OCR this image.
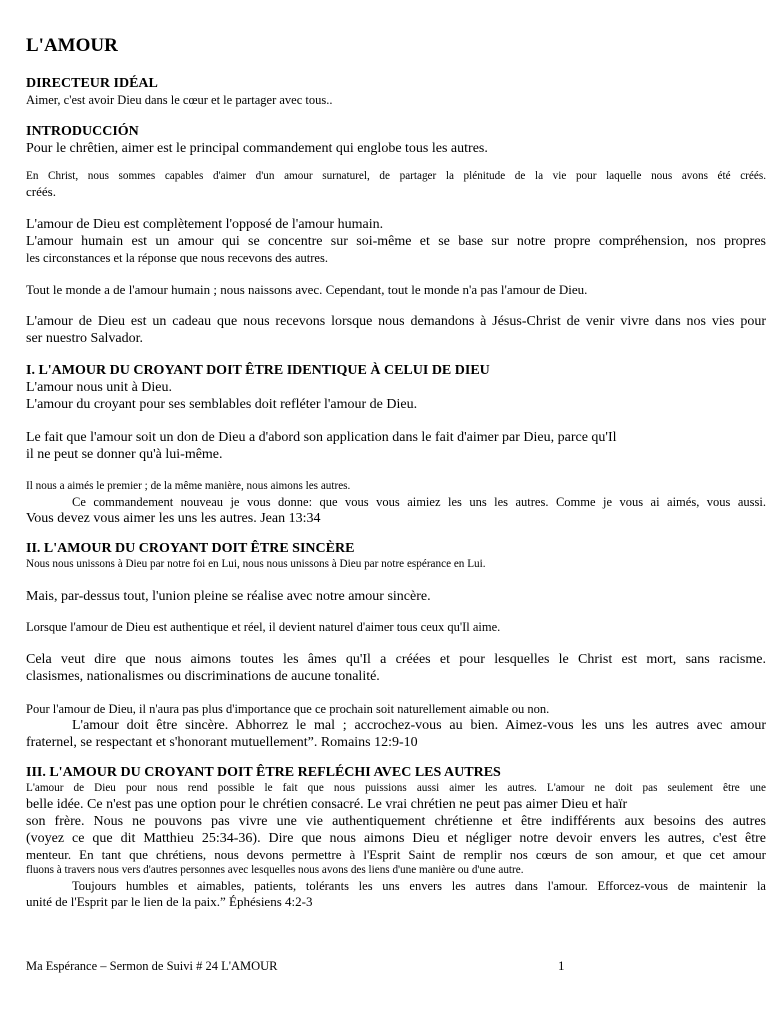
L'AMOUR
DIRECTEUR IDÉAL
Aimer, c'est avoir Dieu dans le cœur et le partager avec tous..
INTRODUCCIÓN
Pour le chrêtien, aimer est le principal commandement qui englobe tous les autres.
En Christ, nous sommes capables d'aimer d'un amour surnaturel, de partager la plénitude de la vie pour laquelle nous avons été créés.
créés.
L'amour de Dieu est complètement l'opposé de l'amour humain.
L'amour humain est un amour qui se concentre sur soi-même et se base sur notre propre compréhension, nos propres
les circonstances et la réponse que nous recevons des autres.
Tout le monde a de l'amour humain ; nous naissons avec. Cependant, tout le monde n'a pas l'amour de Dieu.
L'amour de Dieu est un cadeau que nous recevons lorsque nous demandons à Jésus-Christ de venir vivre dans nos vies pour
ser nuestro Salvador.
I. L'AMOUR DU CROYANT DOIT ÊTRE IDENTIQUE À CELUI DE DIEU
L'amour nous unit à Dieu.
L'amour du croyant pour ses semblables doit refléter l'amour de Dieu.
Le fait que l'amour soit un don de Dieu a d'abord son application dans le fait d'aimer par Dieu, parce qu'Il
il ne peut se donner qu'à lui-même.
Il nous a aimés le premier ; de la même manière, nous aimons les autres.
Ce commandement nouveau je vous donne: que vous vous aimiez les uns les autres. Comme je vous ai aimés, vous aussi.
Vous devez vous aimer les uns les autres. Jean 13:34
II. L'AMOUR DU CROYANT DOIT ÊTRE SINCÈRE
Nous nous unissons à Dieu par notre foi en Lui, nous nous unissons à Dieu par notre espérance en Lui.
Mais, par-dessus tout, l'union pleine se réalise avec notre amour sincère.
Lorsque l'amour de Dieu est authentique et réel, il devient naturel d'aimer tous ceux qu'Il aime.
Cela veut dire que nous aimons toutes les âmes qu'Il a créées et pour lesquelles le Christ est mort, sans racisme.
clasismes, nationalismes ou discriminations de aucune tonalité.
Pour l'amour de Dieu, il n'aura pas plus d'importance que ce prochain soit naturellement aimable ou non.
L'amour doit être sincère. Abhorrez le mal ; accrochez-vous au bien. Aimez-vous les uns les autres avec amour
fraternel, se respectant et s'honorant mutuellement”. Romains 12:9-10
III. L'AMOUR DU CROYANT DOIT ÊTRE REFLÉCHI AVEC LES AUTRES
L'amour de Dieu pour nous rend possible le fait que nous puissions aussi aimer les autres. L'amour ne doit pas seulement être une
belle idée. Ce n'est pas une option pour le chrétien consacré. Le vrai chrétien ne peut pas aimer Dieu et haïr
son frère. Nous ne pouvons pas vivre une vie authentiquement chrétienne et être indifférents aux besoins des autres
(voyez ce que dit Matthieu 25:34-36). Dire que nous aimons Dieu et négliger notre devoir envers les autres, c'est être
menteur. En tant que chrétiens, nous devons permettre à l'Esprit Saint de remplir nos cœurs de son amour, et que cet amour
fluons à travers nous vers d'autres personnes avec lesquelles nous avons des liens d'une manière ou d'une autre.
Toujours humbles et aimables, patients, tolérants les uns envers les autres dans l'amour. Efforcez-vous de maintenir la
unité de l'Esprit par le lien de la paix.” Éphésiens 4:2-3
Ma Espérance – Sermon de Suivi # 24 L'AMOUR	1
